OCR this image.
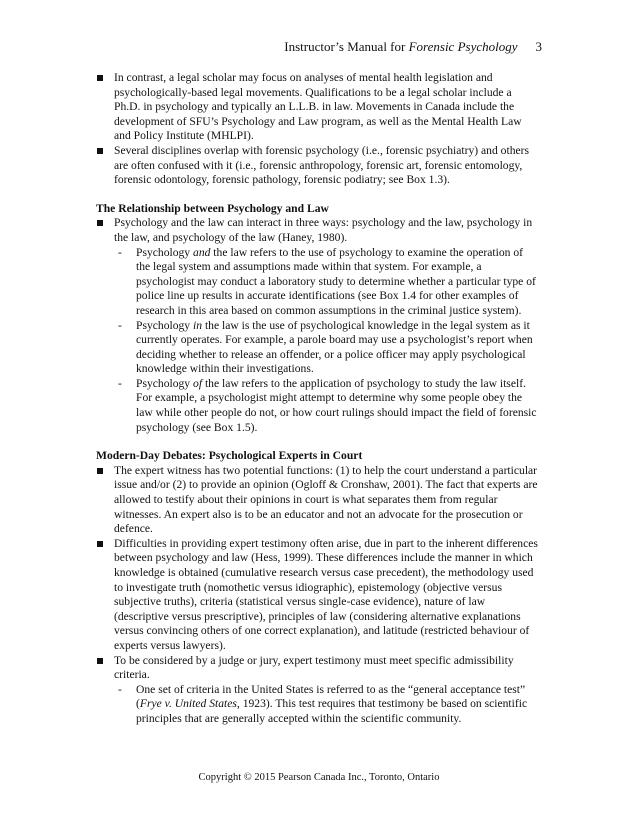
Instructor’s Manual for Forensic Psychology 3

In contrast, a legal scholar may focus on analyses of mental health legislation and psychologically-based legal movements. Qualifications to be a legal scholar include a Ph.D. in psychology and typically an L.L.B. in law. Movements in Canada include the development of SFU’s Psychology and Law program, as well as the Mental Health Law and Policy Institute (MHLPI).

Several disciplines overlap with forensic psychology (i.e., forensic psychiatry) and others are often confused with it (i.e., forensic anthropology, forensic art, forensic entomology, forensic odontology, forensic pathology, forensic podiatry; see Box 1.3).

The Relationship between Psychology and Law

Psychology and the law can interact in three ways: psychology and the law, psychology in the law, and psychology of the law (Haney, 1980).

- Psychology and the law refers to the use of psychology to examine the operation of the legal system and assumptions made within that system. For example, a psychologist may conduct a laboratory study to determine whether a particular type of police line up results in accurate identifications (see Box 1.4 for other examples of research in this area based on common assumptions in the criminal justice system).

- Psychology in the law is the use of psychological knowledge in the legal system as it currently operates. For example, a parole board may use a psychologist’s report when deciding whether to release an offender, or a police officer may apply psychological knowledge within their investigations.

- Psychology of the law refers to the application of psychology to study the law itself. For example, a psychologist might attempt to determine why some people obey the law while other people do not, or how court rulings should impact the field of forensic psychology (see Box 1.5).

Modern-Day Debates: Psychological Experts in Court

The expert witness has two potential functions: (1) to help the court understand a particular issue and/or (2) to provide an opinion (Ogloff & Cronshaw, 2001). The fact that experts are allowed to testify about their opinions in court is what separates them from regular witnesses. An expert also is to be an educator and not an advocate for the prosecution or defence.

Difficulties in providing expert testimony often arise, due in part to the inherent differences between psychology and law (Hess, 1999). These differences include the manner in which knowledge is obtained (cumulative research versus case precedent), the methodology used to investigate truth (nomothetic versus idiographic), epistemology (objective versus subjective truths), criteria (statistical versus single-case evidence), nature of law (descriptive versus prescriptive), principles of law (considering alternative explanations versus convincing others of one correct explanation), and latitude (restricted behaviour of experts versus lawyers).

To be considered by a judge or jury, expert testimony must meet specific admissibility criteria.

- One set of criteria in the United States is referred to as the “general acceptance test” (Frye v. United States, 1923). This test requires that testimony be based on scientific principles that are generally accepted within the scientific community.

Copyright © 2015 Pearson Canada Inc., Toronto, Ontario
